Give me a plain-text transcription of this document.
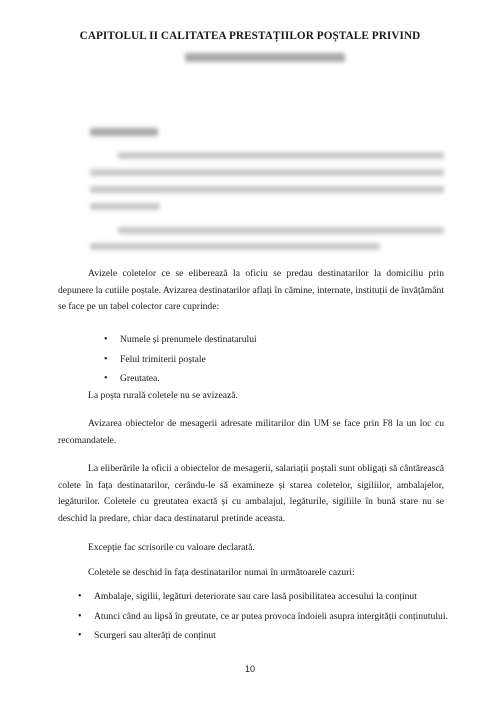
CAPITOLUL II CALITATEA PRESTAȚIILOR POȘTALE PRIVIND
Avizele coletelor ce se eliberează la oficiu se predau destinatarilor la domiciliu prin depunere la cutiile poștale. Avizarea destinatarilor aflați în cămine, internate, instituții de învățământ se face pe un tabel colector care cuprinde:
• Numele și prenumele destinatarului
• Felul trimiterii poștale
• Greutatea.
La poșta rurală coletele nu se avizează.
Avizarea obiectelor de mesagerii adresate militarilor din UM se face prin F8 la un loc cu recomandatele.
La eliberările la oficii a obiectelor de mesagerii, salariații poștali sunt obligați să cântărească colete în fața destinatarilor, cerându-le să examineze și starea coletelor, sigiliilor, ambalajelor, legăturilor. Coletele cu greutatea exactă și cu ambalajul, legăturile, sigiliile în bună stare nu se deschid la predare, chiar daca destinatarul pretinde aceasta.
Excepție fac scrisorile cu valoare declarată.
Coletele se deschid în fața destinatarilor numai în următoarele cazuri:
• Ambalaje, sigilii, legături deteriorate sau care lasă posibilitatea accesului la conținut
• Atunci când au lipsă în greutate, ce ar putea provoca îndoieli asupra intergității conținutului.
• Scurgeri sau alterăți de conținut
10
